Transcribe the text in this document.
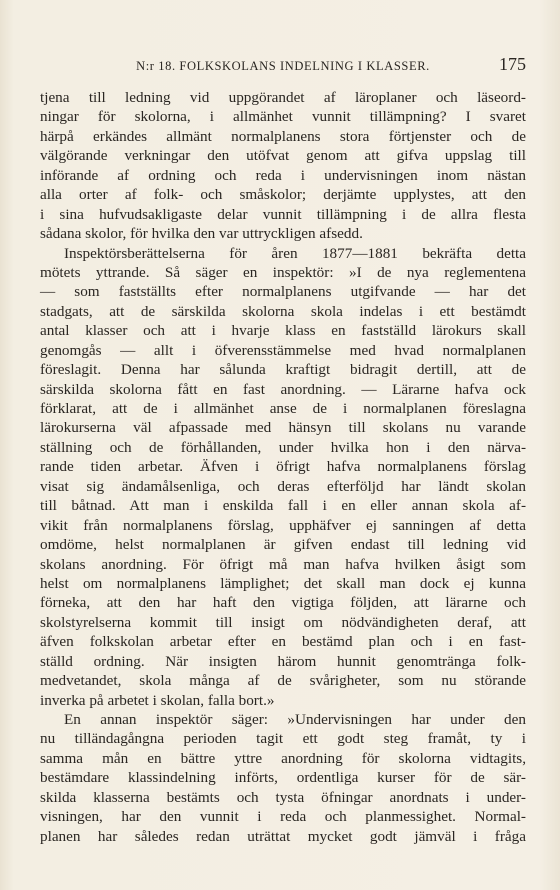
N:r 18. FOLKSKOLANS INDELNING I KLASSER.	175
tjena till ledning vid uppgörandet af läroplaner och läseord-
ningar för skolorna, i allmänhet vunnit tillämpning? I svaret
härpå erkändes allmänt normalplanens stora förtjenster och de
välgörande verkningar den utöfvat genom att gifva uppslag till
införande af ordning och reda i undervisningen inom nästan
alla orter af folk- och småskolor; derjämte upplystes, att den
i sina hufvudsakligaste delar vunnit tillämpning i de allra flesta
sådana skolor, för hvilka den var uttryckligen afsedd.
Inspektörsberättelserna för åren 1877—1881 bekräfta detta
mötets yttrande. Så säger en inspektör: »I de nya reglementena
— som fastställts efter normalplanens utgifvande — har det
stadgats, att de särskilda skolorna skola indelas i ett bestämdt
antal klasser och att i hvarje klass en fastställd lärokurs skall
genomgås — allt i öfverensstämmelse med hvad normalplanen
föreslagit. Denna har sålunda kraftigt bidragit dertill, att de
särskilda skolorna fått en fast anordning. — Lärarne hafva ock
förklarat, att de i allmänhet anse de i normalplanen föreslagna
lärokurserna väl afpassade med hänsyn till skolans nu varande
ställning och de förhållanden, under hvilka hon i den närva-
rande tiden arbetar. Äfven i öfrigt hafva normalplanens förslag
visat sig ändamålsenliga, och deras efterföljd har ländt skolan
till båtnad. Att man i enskilda fall i en eller annan skola af-
vikit från normalplanens förslag, upphäfver ej sanningen af detta
omdöme, helst normalplanen är gifven endast till ledning vid
skolans anordning. För öfrigt må man hafva hvilken åsigt som
helst om normalplanens lämplighet; det skall man dock ej kunna
förneka, att den har haft den vigtiga följden, att lärarne och
skolstyrelserna kommit till insigt om nödvändigheten deraf, att
äfven folkskolan arbetar efter en bestämd plan och i en fast-
ställd ordning. När insigten härom hunnit genomtränga folk-
medvetandet, skola många af de svårigheter, som nu störande
inverka på arbetet i skolan, falla bort.»
En annan inspektör säger: »Undervisningen har under den
nu tilländagångna perioden tagit ett godt steg framåt, ty i
samma mån en bättre yttre anordning för skolorna vidtagits,
bestämdare klassindelning införts, ordentliga kurser för de sär-
skilda klasserna bestämts och tysta öfningar anordnats i under-
visningen, har den vunnit i reda och planmessighet. Normal-
planen har således redan uträttat mycket godt jämväl i fråga
